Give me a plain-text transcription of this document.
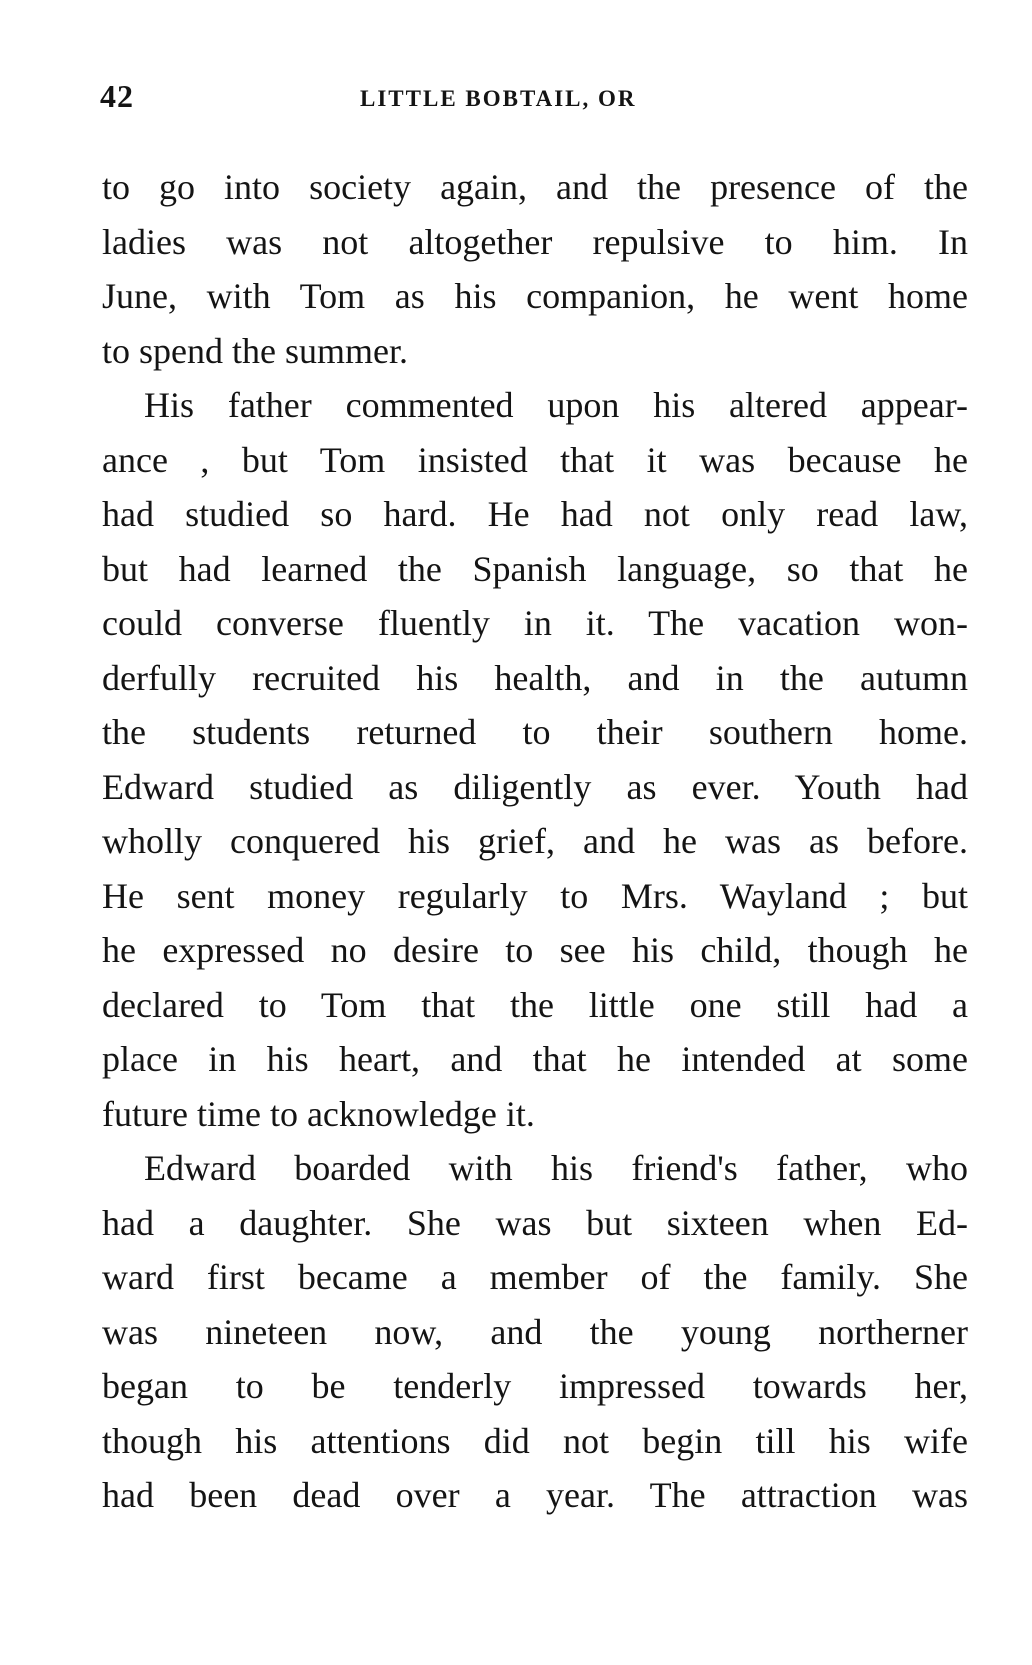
42	LITTLE BOBTAIL, OR
to go into society again, and the presence of the
ladies was not altogether repulsive to him. In
June, with Tom as his companion, he went home
to spend the summer.
His father commented upon his altered appear-
ance , but Tom insisted that it was because he
had studied so hard. He had not only read law,
but had learned the Spanish language, so that he
could converse fluently in it. The vacation won-
derfully recruited his health, and in the autumn
the students returned to their southern home.
Edward studied as diligently as ever. Youth had
wholly conquered his grief, and he was as before.
He sent money regularly to Mrs. Wayland ; but
he expressed no desire to see his child, though he
declared to Tom that the little one still had a
place in his heart, and that he intended at some
future time to acknowledge it.
Edward boarded with his friend's father, who
had a daughter. She was but sixteen when Ed-
ward first became a member of the family. She
was nineteen now, and the young northerner
began to be tenderly impressed towards her,
though his attentions did not begin till his wife
had been dead over a year. The attraction was
